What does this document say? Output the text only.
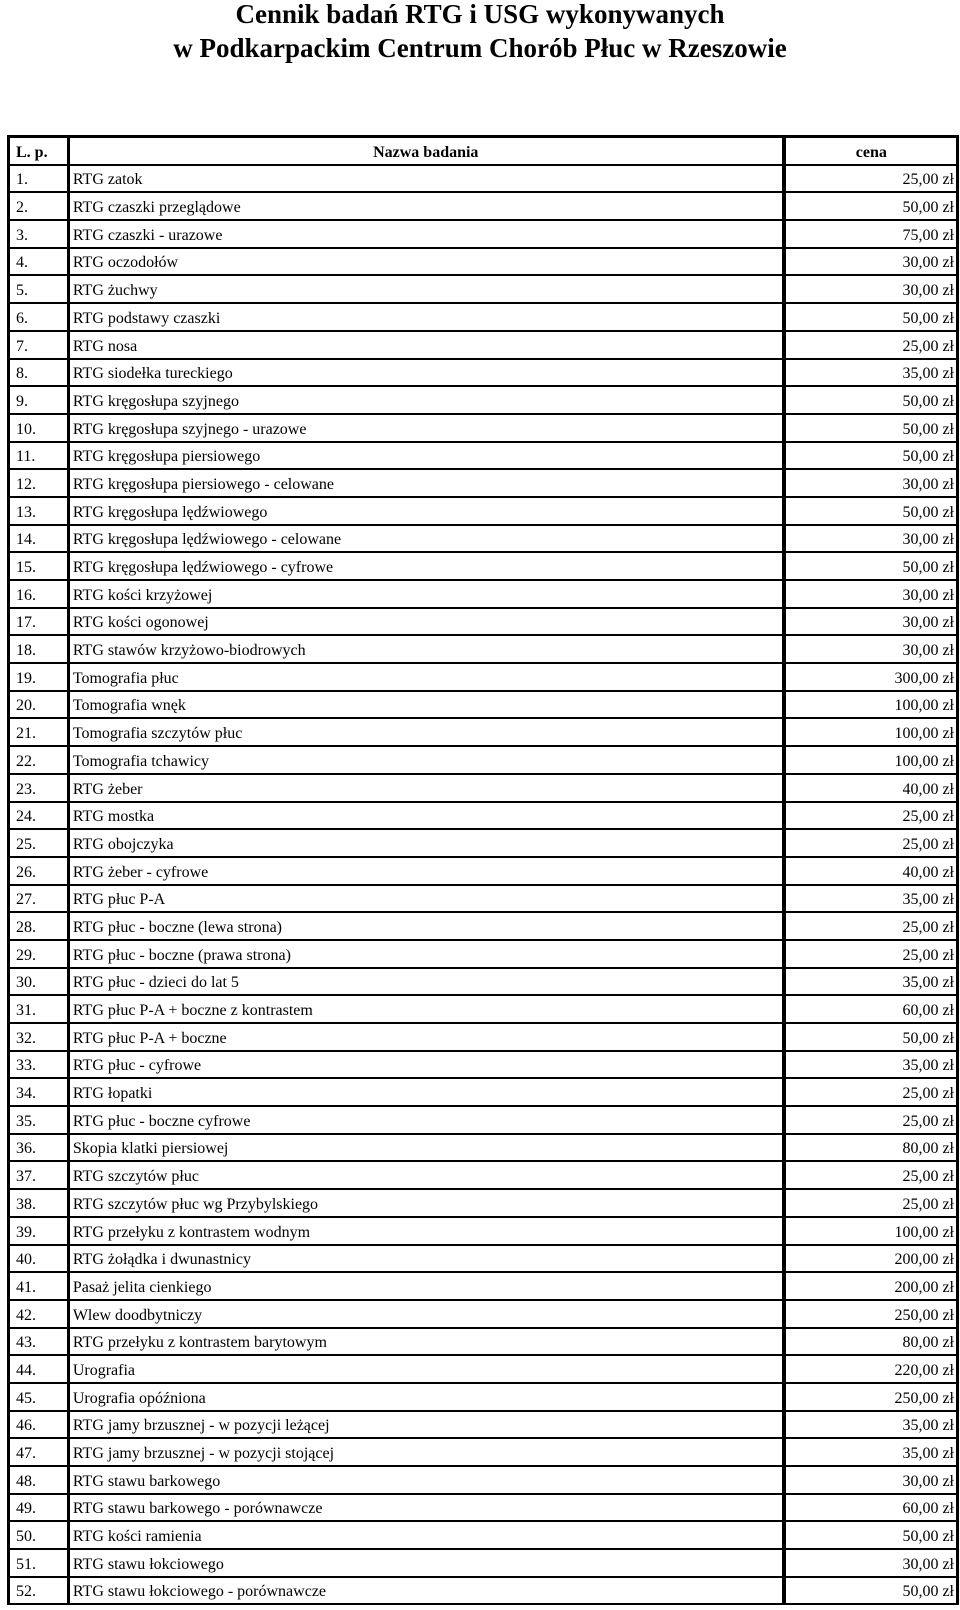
Cennik badań RTG i USG wykonywanych
w Podkarpackim Centrum Chorób Płuc w Rzeszowie
L. p.	Nazwa badania	cena
1.	RTG zatok	25,00 zł
2.	RTG czaszki przeglądowe	50,00 zł
3.	RTG czaszki - urazowe	75,00 zł
4.	RTG oczodołów	30,00 zł
5.	RTG żuchwy	30,00 zł
6.	RTG podstawy czaszki	50,00 zł
7.	RTG nosa	25,00 zł
8.	RTG siodełka tureckiego	35,00 zł
9.	RTG kręgosłupa szyjnego	50,00 zł
10.	RTG kręgosłupa szyjnego - urazowe	50,00 zł
11.	RTG kręgosłupa piersiowego	50,00 zł
12.	RTG kręgosłupa piersiowego - celowane	30,00 zł
13.	RTG kręgosłupa lędźwiowego	50,00 zł
14.	RTG kręgosłupa lędźwiowego - celowane	30,00 zł
15.	RTG kręgosłupa lędźwiowego - cyfrowe	50,00 zł
16.	RTG kości krzyżowej	30,00 zł
17.	RTG kości ogonowej	30,00 zł
18.	RTG stawów krzyżowo-biodrowych	30,00 zł
19.	Tomografia płuc	300,00 zł
20.	Tomografia wnęk	100,00 zł
21.	Tomografia szczytów płuc	100,00 zł
22.	Tomografia tchawicy	100,00 zł
23.	RTG żeber	40,00 zł
24.	RTG mostka	25,00 zł
25.	RTG obojczyka	25,00 zł
26.	RTG żeber - cyfrowe	40,00 zł
27.	RTG płuc P-A	35,00 zł
28.	RTG płuc - boczne (lewa strona)	25,00 zł
29.	RTG płuc - boczne (prawa strona)	25,00 zł
30.	RTG płuc - dzieci do lat 5	35,00 zł
31.	RTG płuc P-A + boczne z kontrastem	60,00 zł
32.	RTG płuc P-A + boczne	50,00 zł
33.	RTG płuc - cyfrowe	35,00 zł
34.	RTG łopatki	25,00 zł
35.	RTG płuc - boczne cyfrowe	25,00 zł
36.	Skopia klatki piersiowej	80,00 zł
37.	RTG szczytów płuc	25,00 zł
38.	RTG szczytów płuc wg Przybylskiego	25,00 zł
39.	RTG przełyku z kontrastem wodnym	100,00 zł
40.	RTG żołądka i dwunastnicy	200,00 zł
41.	Pasaż jelita cienkiego	200,00 zł
42.	Wlew doodbytniczy	250,00 zł
43.	RTG przełyku z kontrastem barytowym	80,00 zł
44.	Urografia	220,00 zł
45.	Urografia opóźniona	250,00 zł
46.	RTG jamy brzusznej - w pozycji leżącej	35,00 zł
47.	RTG jamy brzusznej - w pozycji stojącej	35,00 zł
48.	RTG stawu barkowego	30,00 zł
49.	RTG stawu barkowego - porównawcze	60,00 zł
50.	RTG kości ramienia	50,00 zł
51.	RTG stawu łokciowego	30,00 zł
52.	RTG stawu łokciowego - porównawcze	50,00 zł
